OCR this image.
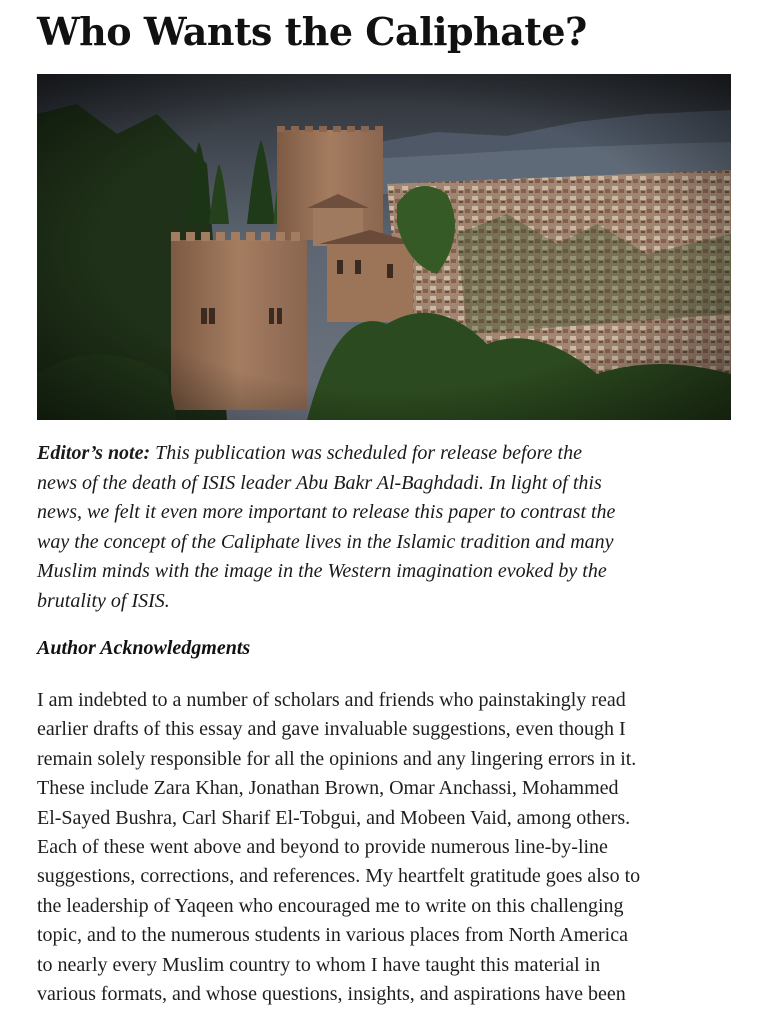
Who Wants the Caliphate?

Editor’s note: This publication was scheduled for release before the
news of the death of ISIS leader Abu Bakr Al-Baghdadi. In light of this
news, we felt it even more important to release this paper to contrast the
way the concept of the Caliphate lives in the Islamic tradition and many
Muslim minds with the image in the Western imagination evoked by the
brutality of ISIS.

Author Acknowledgments

I am indebted to a number of scholars and friends who painstakingly read
earlier drafts of this essay and gave invaluable suggestions, even though I
remain solely responsible for all the opinions and any lingering errors in it.
These include Zara Khan, Jonathan Brown, Omar Anchassi, Mohammed
El-Sayed Bushra, Carl Sharif El-Tobgui, and Mobeen Vaid, among others.
Each of these went above and beyond to provide numerous line-by-line
suggestions, corrections, and references. My heartfelt gratitude goes also to
the leadership of Yaqeen who encouraged me to write on this challenging
topic, and to the numerous students in various places from North America
to nearly every Muslim country to whom I have taught this material in
various formats, and whose questions, insights, and aspirations have been
